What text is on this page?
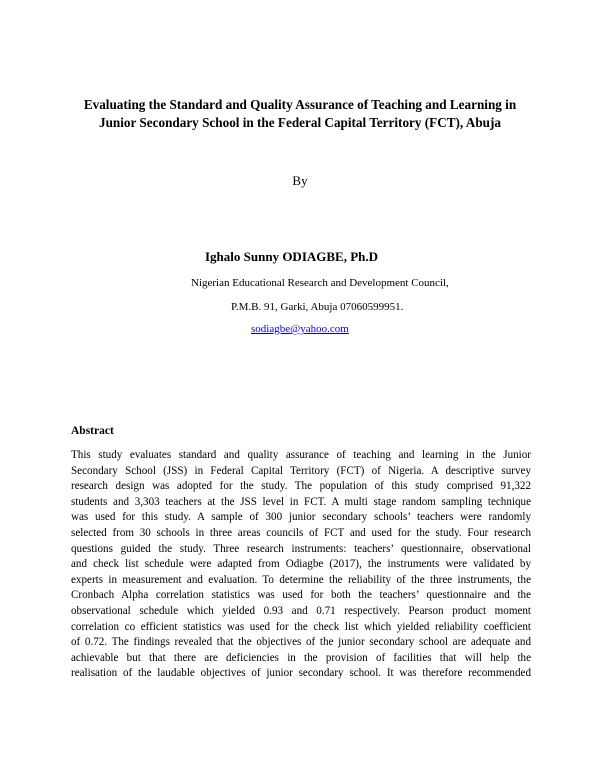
Evaluating the Standard and Quality Assurance of Teaching and Learning in
Junior Secondary School in the Federal Capital Territory (FCT), Abuja
By
Ighalo Sunny ODIAGBE, Ph.D
Nigerian Educational Research and Development Council,
P.M.B. 91, Garki, Abuja 07060599951.
sodiagbe@yahoo.com
Abstract
This study evaluates standard and quality assurance of teaching and learning in the Junior
Secondary School (JSS) in Federal Capital Territory (FCT) of Nigeria. A descriptive survey
research design was adopted for the study. The population of this study comprised 91,322
students and 3,303 teachers at the JSS level in FCT. A multi stage random sampling technique
was used for this study. A sample of 300 junior secondary schools’ teachers were randomly
selected from 30 schools in three areas councils of FCT and used for the study. Four research
questions guided the study. Three research instruments: teachers’ questionnaire, observational
and check list schedule were adapted from Odiagbe (2017), the instruments were validated by
experts in measurement and evaluation. To determine the reliability of the three instruments, the
Cronbach Alpha correlation statistics was used for both the teachers’ questionnaire and the
observational schedule which yielded 0.93 and 0.71 respectively. Pearson product moment
correlation co efficient statistics was used for the check list which yielded reliability coefficient
of 0.72. The findings revealed that the objectives of the junior secondary school are adequate and
achievable but that there are deficiencies in the provision of facilities that will help the
realisation of the laudable objectives of junior secondary school. It was therefore recommended
